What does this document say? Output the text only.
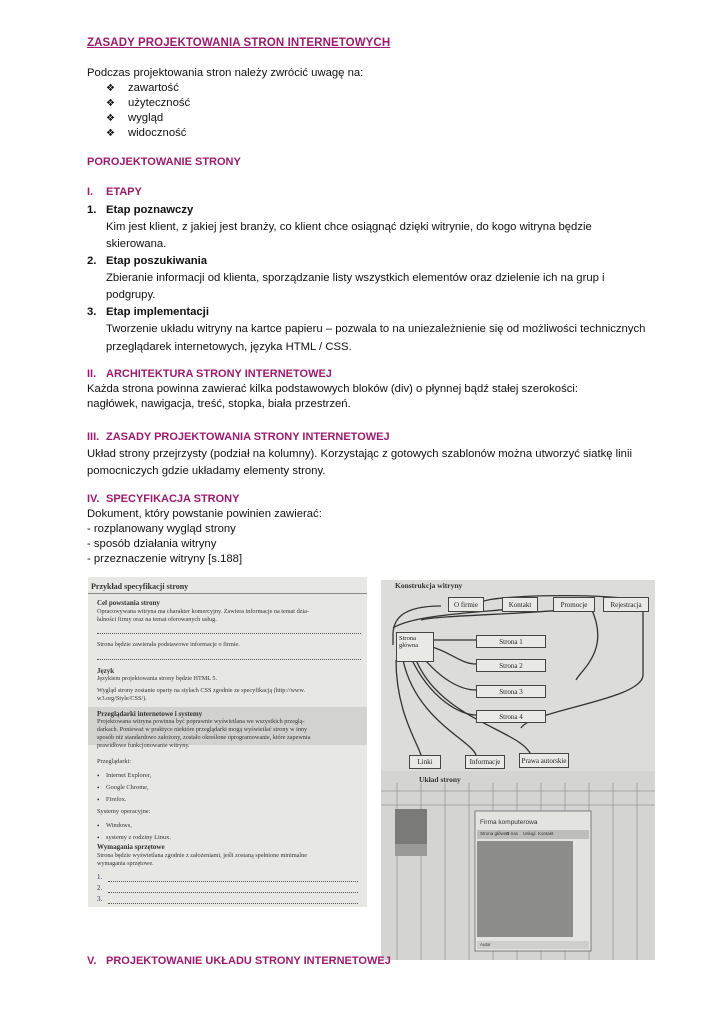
ZASADY PROJEKTOWANIA STRON INTERNETOWYCH
Podczas projektowania stron należy zwrócić uwagę na:
❖ zawartość
❖ użyteczność
❖ wygląd
❖ widoczność
POROJEKTOWANIE STRONY
I. ETAPY
1. Etap poznawczy
Kim jest klient, z jakiej jest branży, co klient chce osiągnąć dzięki witrynie, do kogo witryna będzie
skierowana.
2. Etap poszukiwania
Zbieranie informacji od klienta, sporządzanie listy wszystkich elementów oraz dzielenie ich na grup i
podgrupy.
3. Etap implementacji
Tworzenie układu witryny na kartce papieru – pozwala to na uniezależnienie się od możliwości technicznych
przeglądarek internetowych, języka HTML / CSS.
II. ARCHITEKTURA STRONY INTERNETOWEJ
Każda strona powinna zawierać kilka podstawowych bloków (div) o płynnej bądź stałej szerokości:
nagłówek, nawigacja, treść, stopka, biała przestrzeń.
III. ZASADY PROJEKTOWANIA STRONY INTERNETOWEJ
Układ strony przejrzysty (podział na kolumny). Korzystając z gotowych szablonów można utworzyć siatkę linii
pomocniczych gdzie układamy elementy strony.
IV. SPECYFIKACJA STRONY
Dokument, który powstanie powinien zawierać:
- rozplanowany wygląd strony
- sposób działania witryny
- przeznaczenie witryny [s.188]
Przykład specyfikacji strony
Cel powstania strony
Opracowywana witryna ma charakter komercyjny. Zawiera informacje na temat dzia-
łalności firmy oraz na temat oferowanych usług.
Strona będzie zawierała podstawowe informacje o firmie.
Język
Językiem projektowania strony będzie HTML 5.
Wygląd strony zostanie oparty na stylach CSS zgodnie ze specyfikacją (http://www.
w3.org/Style/CSS/).
Przeglądarki internetowe i systemy
Projektowana witryna powinna być poprawnie wyświetlana we wszystkich przeglą-
darkach. Ponieważ w praktyce niektóre przeglądarki mogą wyświetlać strony w inny
sposób niż standardowo założony, zostało określone oprogramowanie, które zapewnia
prawidłowe funkcjonowanie witryny.
Przeglądarki:
• Internet Explorer,
• Google Chrome,
• Firefox.
Systemy operacyjne:
• Windows,
• systemy z rodziny Linux.
Wymagania sprzętowe
Strona będzie wyświetlana zgodnie z założeniami, jeśli zostaną spełnione minimalne
wymagania sprzętowe.
1.
2.
3.
Konstrukcja witryny
O firmie	Kontakt	Promocje	Rejestracja
Strona
główna	Strona 1
Strona 2
Strona 3
Strona 4
Linki	Informacje	Prawa autorskie
Układ strony
Firma komputerowa
Strona główna
O nas Usługi Kontakt
Autor
V. PROJEKTOWANIE UKŁADU STRONY INTERNETOWEJ
